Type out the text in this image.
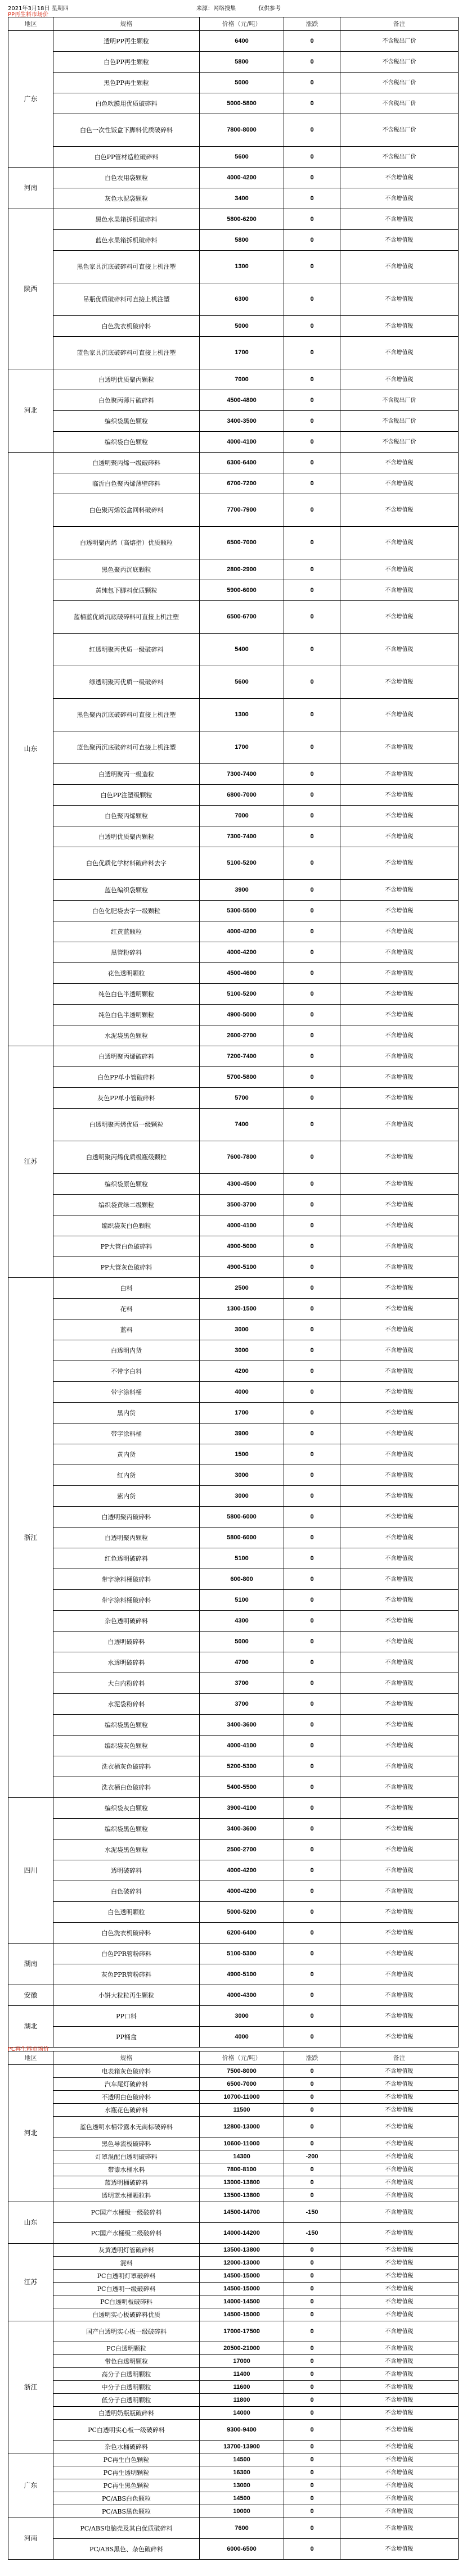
2021年3月18日 星期四	来源：网络搜集	仅供参考
PP再生料市场价
地区	规格	价格（元/吨）	涨跌	备注
广东	透明PP再生颗粒	6400	0	不含税出厂价
	白色PP再生颗粒	5800	0	不含税出厂价
	黑色PP再生颗粒	5000	0	不含税出厂价
	白色吹膜用优质破碎料	5000-5800	0	不含税出厂价
	白色一次性饭盒下脚料优质破碎料	7800-8000	0	不含税出厂价
	白色PP管材造粒破碎料	5600	0	不含税出厂价
河南	白色农用袋颗粒	4000-4200	0	不含增值税
	灰色水泥袋颗粒	3400	0	不含增值税
陕西	黑色水果箱拆机破碎料	5800-6200	0	不含增值税
	蓝色水果箱拆机破碎料	5800	0	不含增值税
	黑色家具沉底破碎料可直接上机注塑	1300	0	不含增值税
	吊瓶优质破碎料可直接上机注塑	6300	0	不含增值税
	白色洗衣机破碎料	5000	0	不含增值税
	蓝色家具沉底破碎料可直接上机注塑	1700	0	不含增值税
河北	白透明优质聚丙颗粒	7000	0	不含增值税
	白色聚丙薄片破碎料	4500-4800	0	不含税出厂价
	编织袋黑色颗粒	3400-3500	0	不含税出厂价
	编织袋白色颗粒	4000-4100	0	不含税出厂价
山东	白透明聚丙烯一级破碎料	6300-6400	0	不含增值税
	临沂白色聚丙烯薄壁碎料	6700-7200	0	不含增值税
	白色聚丙烯饭盒回料破碎料	7700-7900	0	不含增值税
	白透明聚丙烯（高熔指）优质颗粒	6500-7000	0	不含增值税
	黑色聚丙沉底颗粒	2800-2900	0	不含增值税
	黄纯包下脚料优质颗粒	5900-6000	0	不含增值税
	蓝桶蓝优质沉底破碎料可直接上机注塑	6500-6700	0	不含增值税
	红透明聚丙优质一级破碎料	5400	0	不含增值税
	绿透明聚丙优质一级破碎料	5600	0	不含增值税
	黑色聚丙沉底破碎料可直接上机注塑	1300	0	不含增值税
	蓝色聚丙沉底破碎料可直接上机注塑	1700	0	不含增值税
	白透明聚丙一级造粒	7300-7400	0	不含增值税
	白色PP注塑级颗粒	6800-7000	0	不含增值税
	白色聚丙烯颗粒	7000	0	不含增值税
	白透明优质聚丙颗粒	7300-7400	0	不含增值税
	白色优质化学材料破碎料去字	5100-5200	0	不含增值税
	蓝色编织袋颗粒	3900	0	不含增值税
	白色化肥袋去字一级颗粒	5300-5500	0	不含增值税
	红黄蓝颗粒	4000-4200	0	不含增值税
	黑管粉碎料	4000-4200	0	不含增值税
	花色透明颗粒	4500-4600	0	不含增值税
	纯色白色半透明颗粒	5100-5200	0	不含增值税
	纯色白色半透明颗粒	4900-5000	0	不含增值税
	水泥袋黑色颗粒	2600-2700	0	不含增值税
江苏	白透明聚丙烯破碎料	7200-7400	0	不含增值税
	白色PP单小管破碎料	5700-5800	0	不含增值税
	灰色PP单小管破碎料	5700	0	不含增值税
	白透明聚丙烯优质一级颗粒	7400	0	不含增值税
	白透明聚丙烯优质级瓶级颗粒	7600-7800	0	不含增值税
	编织袋原色颗粒	4300-4500	0	不含增值税
	编织袋黄绿二级颗粒	3500-3700	0	不含增值税
	编织袋灰白色颗粒	4000-4100	0	不含增值税
	PP大管白色破碎料	4900-5000	0	不含增值税
	PP大管灰色破碎料	4900-5100	0	不含增值税
浙江	白料	2500	0	不含增值税
	花料	1300-1500	0	不含增值税
	蓝料	3000	0	不含增值税
	白透明内货	3000	0	不含增值税
	不带字白料	4200	0	不含增值税
	带字涂料桶	4000	0	不含增值税
	黑内货	1700	0	不含增值税
	带字涂料桶	3900	0	不含增值税
	黄内货	1500	0	不含增值税
	红内货	3000	0	不含增值税
	紫内货	3000	0	不含增值税
	白透明聚丙破碎料	5800-6000	0	不含增值税
	白透明聚丙颗粒	5800-6000	0	不含增值税
	红色透明破碎料	5100	0	不含增值税
	带字涂料桶破碎料	600-800	0	不含增值税
	带字涂料桶破碎料	5100	0	不含增值税
	杂色透明破碎料	4300	0	不含增值税
	白透明破碎料	5000	0	不含增值税
	水透明破碎料	4700	0	不含增值税
	大白内粉碎料	3700	0	不含增值税
	水泥袋粉碎料	3700	0	不含增值税
	编织袋黑色颗粒	3400-3600	0	不含增值税
	编织袋灰色颗粒	4000-4100	0	不含增值税
	洗衣桶灰色破碎料	5200-5300	0	不含增值税
	洗衣桶白色破碎料	5400-5500	0	不含增值税
四川	编织袋灰白颗粒	3900-4100	0	不含增值税
	编织袋黑色颗粒	3400-3600	0	不含增值税
	水泥袋黑色颗粒	2500-2700	0	不含增值税
	透明破碎料	4000-4200	0	不含增值税
	白色破碎料	4000-4200	0	不含增值税
	白色透明颗粒	5000-5200	0	不含增值税
	白色洗衣机破碎料	6200-6400	0	不含增值税
湖南	白色PPR管粉碎料	5100-5300	0	不含增值税
	灰色PPR管粉碎料	4900-5100	0	不含增值税
安徽	小饼大粒粒再生颗粒	4000-4300	0	不含增值税
湖北	PP口料	3000	0	不含增值税
	PP桶盒	4000	0	不含增值税
PC再生料市场价
地区	规格	价格（元/吨）	涨跌	备注
河北	电表箱灰色破碎料	7500-8000	0	不含增值税
	汽车尾灯破碎料	6500-7000	0	不含增值税
	不透明白色破碎料	10700-11000	0	不含增值税
	水瓶花色破碎料	11500	0	不含增值税
	蓝色透明水桶带露水无商标破碎料	12800-13000	0	不含增值税
	黑色导流板破碎料	10600-11000	0	不含增值税
	灯罩混配白透明破碎料	14300	-200	不含增值税
	带漆水桶水料	7800-8100	0	不含增值税
	蓝透明桶破碎料	13000-13800	0	不含增值税
	透明蓝水桶颗粒料	13500-13800	0	不含增值税
山东	PC国产水桶级一级破碎料	14500-14700	-150	不含增值税
	PC国产水桶级二级破碎料	14000-14200	-150	不含增值税
江苏	灰黄透明灯管破碎料	13500-13800	0	不含增值税
	混料	12000-13000	0	不含增值税
	PC白透明灯罩破碎料	14500-15000	0	不含增值税
	PC白透明一级破碎料	14500-15000	0	不含增值税
	PC白透明板破碎料	14000-14500	0	不含增值税
	白透明实心板破碎料优质	14500-15000	0	不含增值税
浙江	国产白透明实心板一级破碎料	17000-17500	0	不含增值税
	PC白透明颗粒	20500-21000	0	不含增值税
	带色白透明颗粒	17000	0	不含增值税
	高分子白透明颗粒	11400	0	不含增值税
	中分子白透明颗粒	11600	0	不含增值税
	低分子白透明颗粒	11800	0	不含增值税
	白透明奶瓶瓶破碎料	14000	0	不含增值税
	PC白透明实心板一级破碎料	9300-9400	0	不含增值税
	杂色水桶破碎料	13700-13900	0	不含增值税
广东	PC再生白色颗粒	14500	0	不含增值税
	PC再生透明颗粒	16300	0	不含增值税
	PC再生黑色颗粒	13000	0	不含增值税
	PC/ABS白色颗粒	14500	0	不含增值税
	PC/ABS黑色颗粒	10000	0	不含增值税
河南	PC/ABS电脑壳及其白优质破碎料	7600	0	不含增值税
	PC/ABS黑色、杂色破碎料	6000-6500	0	不含增值税
